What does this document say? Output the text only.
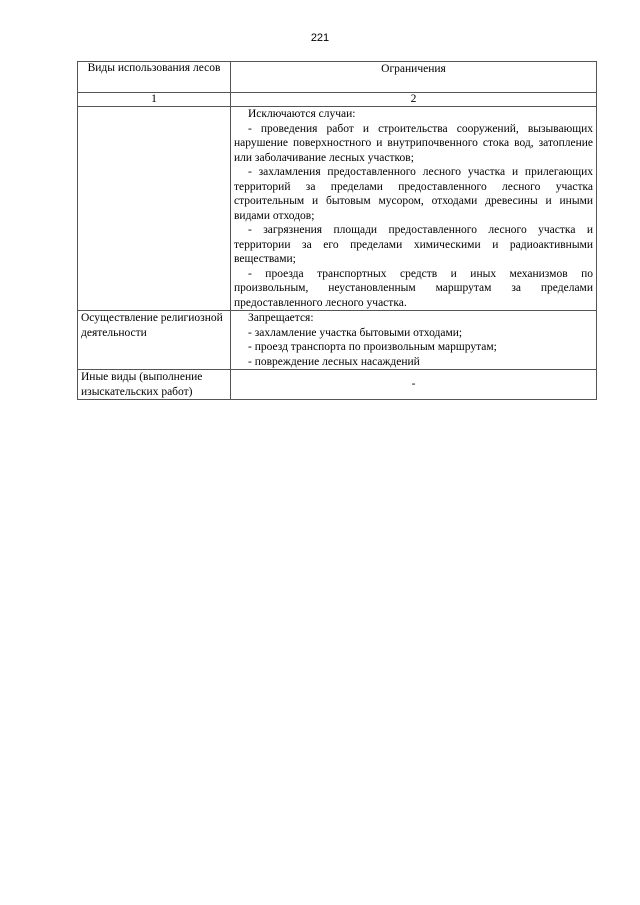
221
Виды использования лесов	Ограничения
1	2

	Исключаются случаи:

- проведения работ и строительства сооружений, вызывающих нарушение поверхностного и внутрипочвенного стока вод, затопление или заболачивание лесных участков;

- захламления предоставленного лесного участка и прилегающих территорий за пределами предоставленного лесного участка строительным и бытовым мусором, отходами древесины и иными видами отходов;

- загрязнения площади предоставленного лесного участка и территории за его пределами химическими и радиоактивными веществами;

- проезда транспортных средств и иных механизмов по произвольным, неустановленным маршрутам за пределами предоставленного лесного участка.

Осуществление религиозной деятельности	Запрещается:

- захламление участка бытовыми отходами;

- проезд транспорта по произвольным маршрутам;

- повреждение лесных насаждений

Иные виды (выполнение изыскательских работ)	-
